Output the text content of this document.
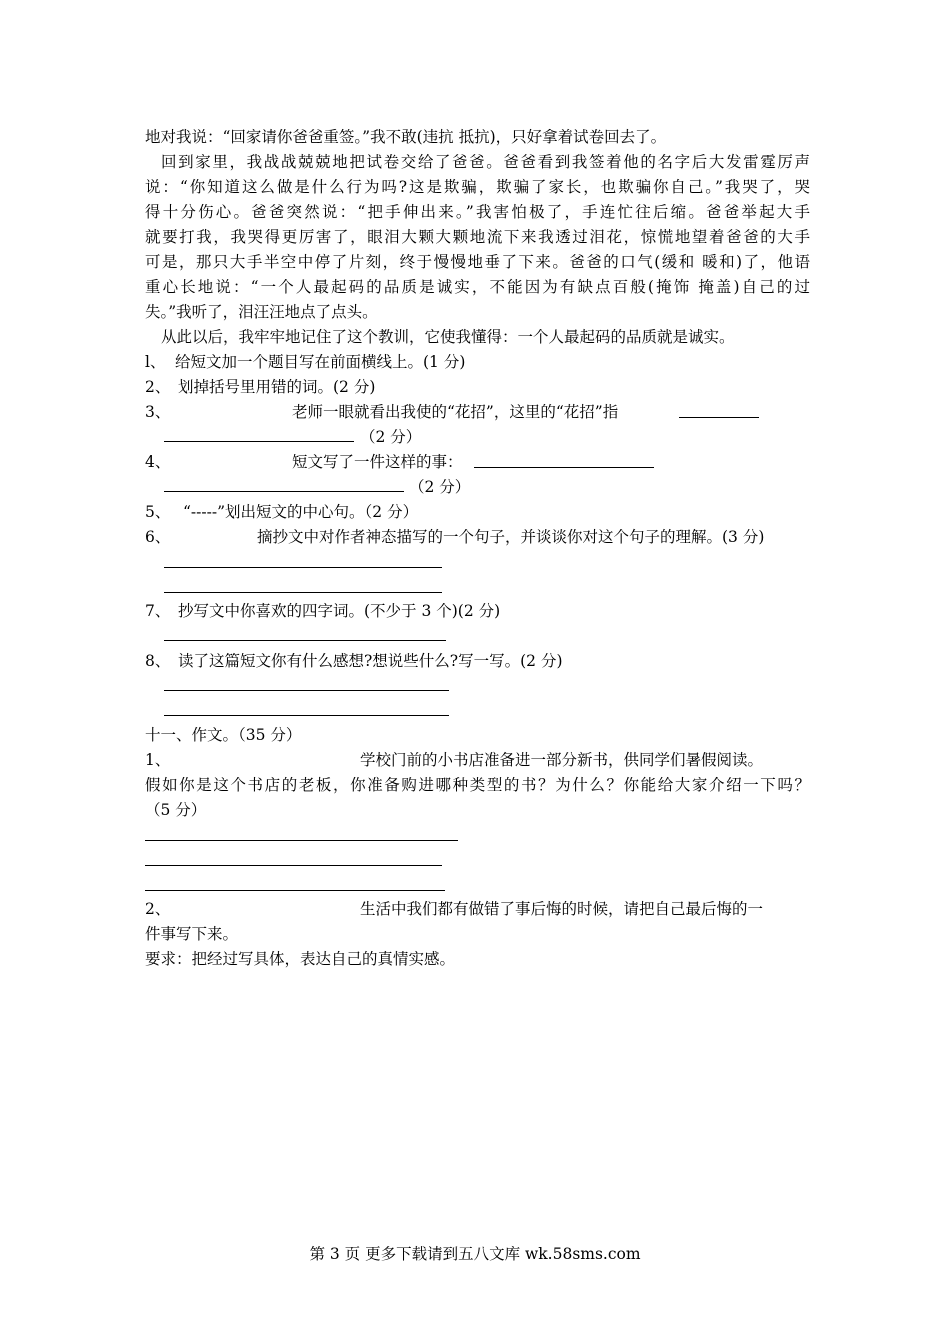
地对我说：“回家请你爸爸重签。”我不敢(违抗 抵抗)，只好拿着试卷回去了。
回到家里，我战战兢兢地把试卷交给了爸爸。爸爸看到我签着他的名字后大发雷霆厉声
说：“你知道这么做是什么行为吗?这是欺骗，欺骗了家长，也欺骗你自己。”我哭了，哭
得十分伤心。爸爸突然说：“把手伸出来。”我害怕极了，手连忙往后缩。爸爸举起大手
就要打我，我哭得更厉害了，眼泪大颗大颗地流下来我透过泪花，惊慌地望着爸爸的大手
可是，那只大手半空中停了片刻，终于慢慢地垂了下来。爸爸的口气(缓和 暖和)了，他语
重心长地说：“一个人最起码的品质是诚实，不能因为有缺点百般(掩饰 掩盖)自己的过
失。”我听了，泪汪汪地点了点头。
从此以后，我牢牢地记住了这个教训，它使我懂得：一个人最起码的品质就是诚实。
l、 给短文加一个题目写在前面横线上。(1 分)
2、 划掉括号里用错的词。(2 分)
3、	老师一眼就看出我使的“花招”，这里的“花招”指
（2 分）
4、	短文写了一件这样的事：
（2 分）
5、 “-----”划出短文的中心句。（2 分）
6、	摘抄文中对作者神态描写的一个句子，并谈谈你对这个句子的理解。(3 分)
7、 抄写文中你喜欢的四字词。(不少于 3 个)(2 分)
8、 读了这篇短文你有什么感想?想说些什么?写一写。(2 分)
十一、作文。（35 分）
1、	学校门前的小书店准备进一部分新书，供同学们暑假阅读。
假如你是这个书店的老板，你准备购进哪种类型的书？为什么？你能给大家介绍一下吗？
（5 分）
2、	生活中我们都有做错了事后悔的时候，请把自己最后悔的一
件事写下来。
要求：把经过写具体，表达自己的真情实感。
第 3 页 更多下载请到五八文库 wk.58sms.com
